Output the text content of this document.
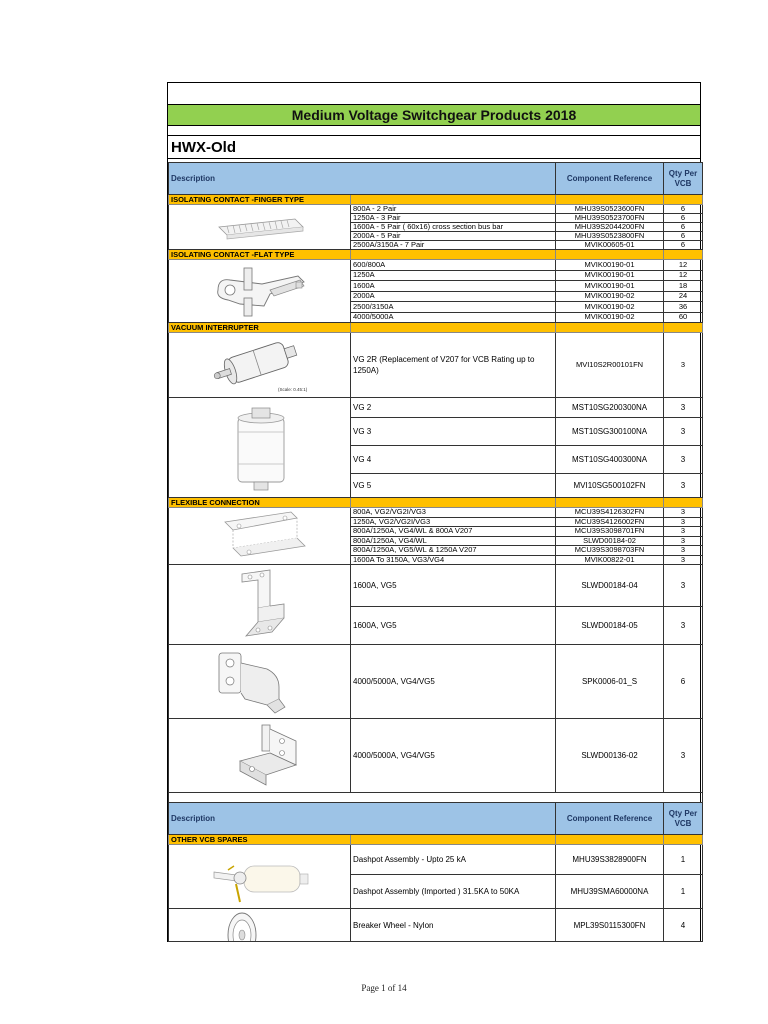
Medium Voltage Switchgear Products 2018
HWX-Old
Description		Component Reference	Qty Per VCB
ISOLATING CONTACT -FINGER TYPE			

	800A - 2 Pair	MHU39S0523600FN	6
	1250A - 3 Pair	MHU39S0523700FN	6
	1600A - 5 Pair ( 60x16) cross section bus bar	MHU39S2044200FN	6
	2000A - 5 Pair	MHU39S0523800FN	6
	2500A/3150A - 7 Pair	MVIK00605-01	6
ISOLATING CONTACT -FLAT TYPE			

	600/800A	MVIK00190-01	12
	1250A	MVIK00190-01	12
	1600A	MVIK00190-01	18
	2000A	MVIK00190-02	24
	2500/3150A	MVIK00190-02	36
	4000/5000A	MVIK00190-02	60
VACUUM INTERRUPTER			

(Scale: 0.45:1)	VG 2R (Replacement of V207 for VCB Rating up to 1250A)	MVI10S2R00101FN	3

	VG 2	MST10SG200300NA	3
	VG 3	MST10SG300100NA	3
	VG 4	MST10SG400300NA	3
	VG 5	MVI10SG500102FN	3
FLEXIBLE CONNECTION			

	800A, VG2/VG2I/VG3	MCU39S4126302FN	3
	1250A, VG2/VG2I/VG3	MCU39S4126002FN	3
	800A/1250A, VG4/WL & 800A V207	MCU39S3098701FN	3
	800A/1250A, VG4/WL	SLWD00184-02	3
	800A/1250A, VG5/WL & 1250A V207	MCU39S3098703FN	3
	1600A To 3150A, VG3/VG4	MVIK00822-01	3

	1600A, VG5	SLWD00184-04	3
	1600A, VG5	SLWD00184-05	3

	4000/5000A, VG4/VG5	SPK0006-01_S	6

	4000/5000A, VG4/VG5	SLWD00136-02	3

Description		Component Reference	Qty Per VCB
OTHER VCB SPARES			

	Dashpot Assembly - Upto 25 kA	MHU39S3828900FN	1
	Dashpot Assembly (Imported ) 31.5KA to 50KA	MHU39SMA60000NA	1

	Breaker Wheel - Nylon	MPL39S0115300FN	4
Page 1 of 14
